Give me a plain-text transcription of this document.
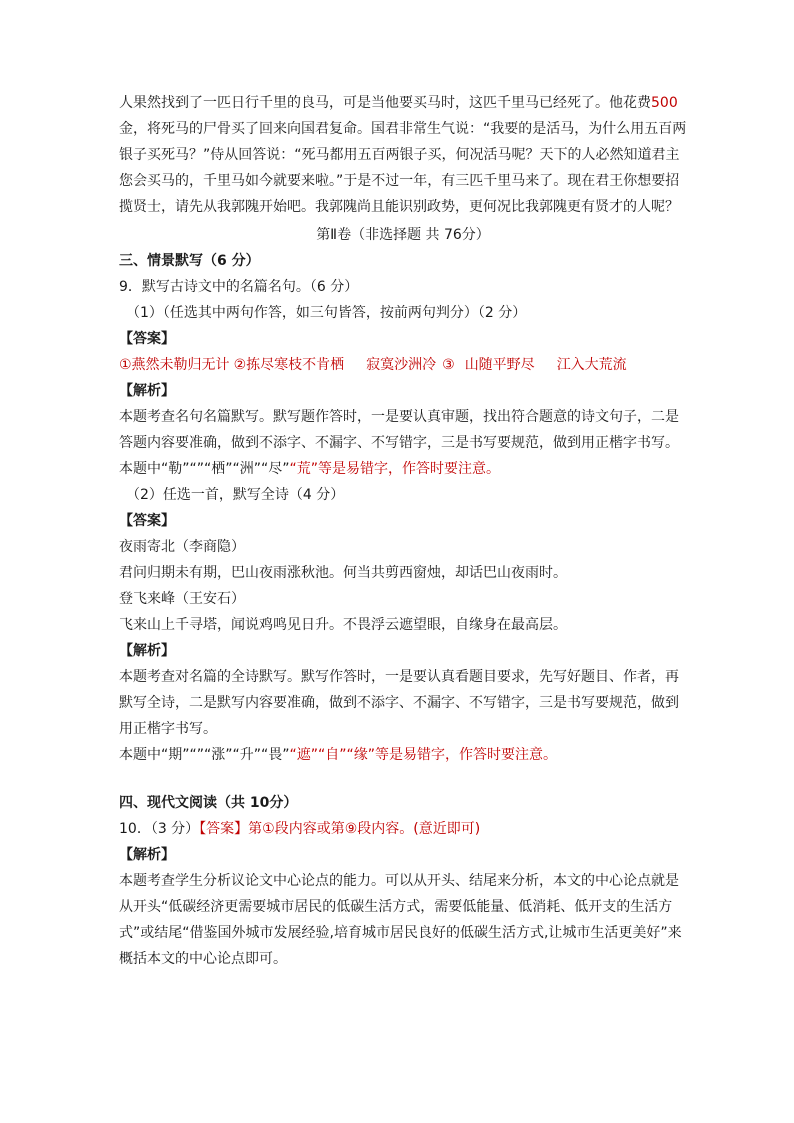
人果然找到了一匹日行千里的良马，可是当他要买马时，这匹千里马已经死了。他花费500金，将死马的尸骨买了回来向国君复命。国君非常生气说：“我要的是活马，为什么用五百两银子买死马？”侍从回答说：“死马都用五百两银子买，何况活马呢？天下的人必然知道君主您会买马的，千里马如今就要来啦。”于是不过一年，有三匹千里马来了。现在君王你想要招揽贤士，请先从我郭隗开始吧。我郭隗尚且能识别政势，更何况比我郭隗更有贤才的人呢？

第Ⅱ卷（非选择题 共 76分）

三、情景默写（6 分）

9．默写古诗文中的名篇名句。（6 分）

（1）（任选其中两句作答，如三句皆答，按前两句判分）（2 分）

【答案】

①燕然未勒归无计 ②拣尽寒枝不肯栖 寂寞沙洲冷 ③ 山随平野尽 江入大荒流

【解析】

本题考查名句名篇默写。默写题作答时，一是要认真审题，找出符合题意的诗文句子，二是答题内容要准确，做到不添字、不漏字、不写错字，三是书写要规范，做到用正楷字书写。

本题中“勒”“”“栖”“洲”“尽”“荒”等是易错字，作答时要注意。

（2）任选一首，默写全诗（4 分）

【答案】

夜雨寄北（李商隐）

君问归期未有期，巴山夜雨涨秋池。何当共剪西窗烛，却话巴山夜雨时。

登飞来峰（王安石）

飞来山上千寻塔，闻说鸡鸣见日升。不畏浮云遮望眼，自缘身在最高层。

【解析】

本题考查对名篇的全诗默写。默写作答时，一是要认真看题目要求，先写好题目、作者，再默写全诗，二是默写内容要准确，做到不添字、不漏字、不写错字，三是书写要规范，做到用正楷字书写。

本题中“期”“”“涨”“升”“畏”“遮”“自”“缘”等是易错字，作答时要注意。

四、现代文阅读（共 10分）

10．（3 分）【答案】第①段内容或第⑨段内容。(意近即可)

【解析】

本题考查学生分析议论文中心论点的能力。可以从开头、结尾来分析，本文的中心论点就是从开头“低碳经济更需要城市居民的低碳生活方式，需要低能量、低消耗、低开支的生活方式”或结尾“借鉴国外城市发展经验,培育城市居民良好的低碳生活方式,让城市生活更美好”来概括本文的中心论点即可。
